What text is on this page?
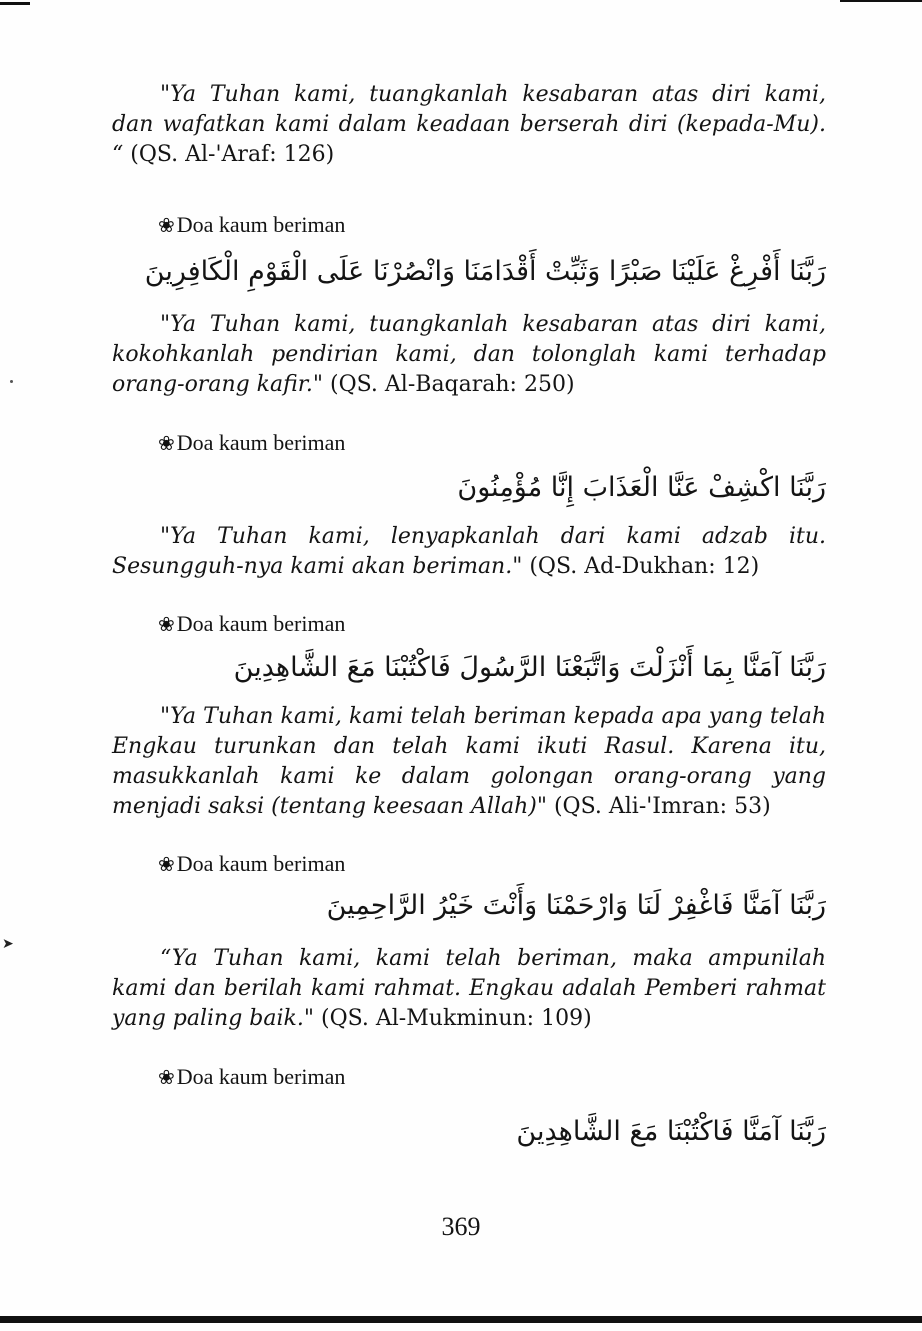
➤

"Ya Tuhan kami, tuangkanlah kesabaran atas diri kami, dan wafatkan kami dalam keadaan berserah diri (kepada-Mu). “ (QS. Al-'Araf: 126)

❀Doa kaum beriman
رَبَّنَا أَفْرِغْ عَلَيْنَا صَبْرًا وَثَبِّتْ أَقْدَامَنَا وَانْصُرْنَا عَلَى الْقَوْمِ الْكَافِرِينَ

"Ya Tuhan kami, tuangkanlah kesabaran atas diri kami, kokohkanlah pendirian kami, dan tolonglah kami terhadap orang-orang kafir." (QS. Al-Baqarah: 250)

❀Doa kaum beriman
رَبَّنَا اكْشِفْ عَنَّا الْعَذَابَ إِنَّا مُؤْمِنُونَ

"Ya Tuhan kami, lenyapkanlah dari kami adzab itu. Sesungguh-nya kami akan beriman." (QS. Ad-Dukhan: 12)

❀Doa kaum beriman
رَبَّنَا آمَنَّا بِمَا أَنْزَلْتَ وَاتَّبَعْنَا الرَّسُولَ فَاكْتُبْنَا مَعَ الشَّاهِدِينَ

"Ya Tuhan kami, kami telah beriman kepada apa yang telah Engkau turunkan dan telah kami ikuti Rasul. Karena itu, masukkanlah kami ke dalam golongan orang-orang yang menjadi saksi (tentang keesaan Allah)" (QS. Ali-'Imran: 53)

❀Doa kaum beriman
رَبَّنَا آمَنَّا فَاغْفِرْ لَنَا وَارْحَمْنَا وَأَنْتَ خَيْرُ الرَّاحِمِينَ

“Ya Tuhan kami, kami telah beriman, maka ampunilah kami dan berilah kami rahmat. Engkau adalah Pemberi rahmat yang paling baik." (QS. Al-Mukminun: 109)

❀Doa kaum beriman
رَبَّنَا آمَنَّا فَاكْتُبْنَا مَعَ الشَّاهِدِينَ
369
